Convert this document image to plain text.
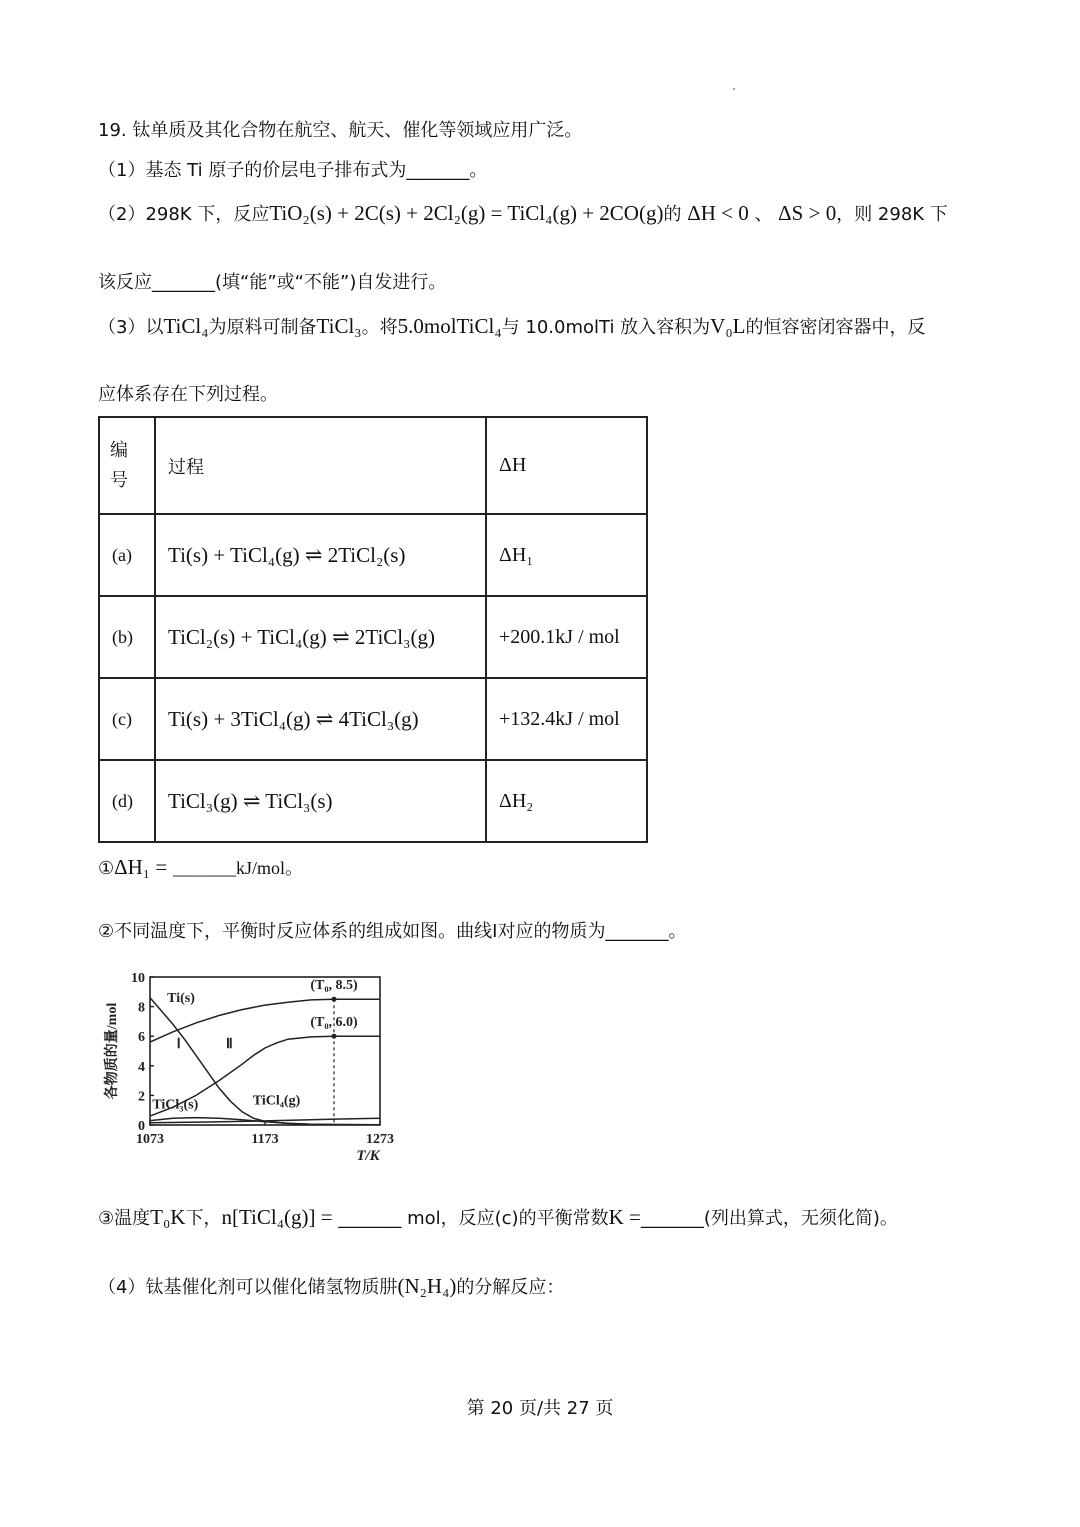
19. 钛单质及其化合物在航空、航天、催化等领域应用广泛。
（1）基态 Ti 原子的价层电子排布式为_______。
（2）298K 下，反应TiO₂(s) + 2C(s) + 2Cl₂(g) = TiCl₄(g) + 2CO(g)的 ΔH < 0 、 ΔS > 0，则 298K 下
该反应_______(填“能”或“不能”)自发进行。
（3）以TiCl₄为原料可制备TiCl₃。将5.0molTiCl₄与 10.0molTi 放入容积为V₀L的恒容密闭容器中，反
应体系存在下列过程。
编号	过程	ΔH
(a)	Ti(s) + TiCl₄(g) ⇌ 2TiCl₂(s)	ΔH₁
(b)	TiCl₂(s) + TiCl₄(g) ⇌ 2TiCl₃(g)	+200.1kJ / mol
(c)	Ti(s) + 3TiCl₄(g) ⇌ 4TiCl₃(g)	+132.4kJ / mol
(d)	TiCl₃(g) ⇌ TiCl₃(s)	ΔH₂
①ΔH₁ = _______kJ/mol。
②不同温度下，平衡时反应体系的组成如图。曲线Ⅰ对应的物质为_______。
1073	1173	1273
0
2
4
6
8
10
T/K
各物质的量/mol
(T₀, 8.5)
(T₀, 6.0)
Ti(s)
Ⅰ	Ⅱ
TiCl₃(s)	TiCl₄(g)
③温度T₀K下，n[TiCl₄(g)] = _______ mol，反应(c)的平衡常数K =_______(列出算式，无须化简)。
（4）钛基催化剂可以催化储氢物质肼(N₂H₄)的分解反应：
第 20 页/共 27 页
